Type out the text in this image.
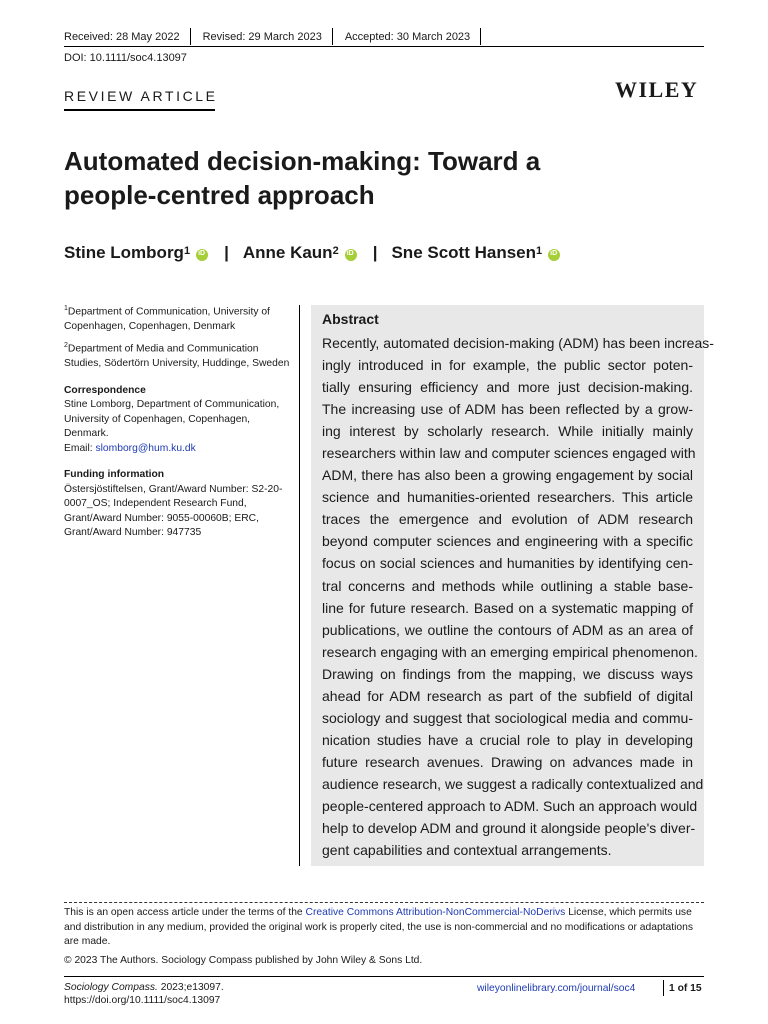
Received: 28 May 2022	Revised: 29 March 2023	Accepted: 30 March 2023
DOI: 10.1111/soc4.13097
REVIEW ARTICLE	WILEY
Automated decision-making: Toward a
people-centred approach
Stine Lomborg$^1$ iD | Anne Kaun$^2$ iD | Sne Scott Hansen$^1$
iD

$^1$Department of Communication, University of Copenhagen, Copenhagen, Denmark

$^2$Department of Media and Communication Studies, Södertörn University, Huddinge, Sweden

Correspondence

Stine Lomborg, Department of Communication, University of Copenhagen, Copenhagen, Denmark.

Email: slomborg@hum.ku.dk

Funding information

Östersjöstiftelsen, Grant/Award Number: S2-20-0007_OS; Independent Research Fund, Grant/Award Number: 9055-00060B; ERC, Grant/Award Number: 947735

Abstract
Recently, automated decision-making (ADM) has been increas-
ingly introduced in for example, the public sector poten-
tially ensuring efficiency and more just decision-making.
The increasing use of ADM has been reflected by a grow-
ing interest by scholarly research. While initially mainly
researchers within law and computer sciences engaged with
ADM, there has also been a growing engagement by social
science and humanities-oriented researchers. This article
traces the emergence and evolution of ADM research
beyond computer sciences and engineering with a specific
focus on social sciences and humanities by identifying cen-
tral concerns and methods while outlining a stable base-
line for future research. Based on a systematic mapping of
publications, we outline the contours of ADM as an area of
research engaging with an emerging empirical phenomenon.
Drawing on findings from the mapping, we discuss ways
ahead for ADM research as part of the subfield of digital
sociology and suggest that sociological media and commu-
nication studies have a crucial role to play in developing
future research avenues. Drawing on advances made in
audience research, we suggest a radically contextualized and
people-centered approach to ADM. Such an approach would
help to develop ADM and ground it alongside people's diver-
gent capabilities and contextual arrangements.
This is an open access article under the terms of the Creative Commons Attribution-NonCommercial-NoDerivs License, which permits use and distribution in any medium, provided the original work is properly cited, the use is non-commercial and no modifications or adaptations are made.
© 2023 The Authors. Sociology Compass published by John Wiley & Sons Ltd.
Sociology Compass. 2023;e13097.
https://doi.org/10.1111/soc4.13097
wileyonlinelibrary.com/journal/soc4	1 of 15
